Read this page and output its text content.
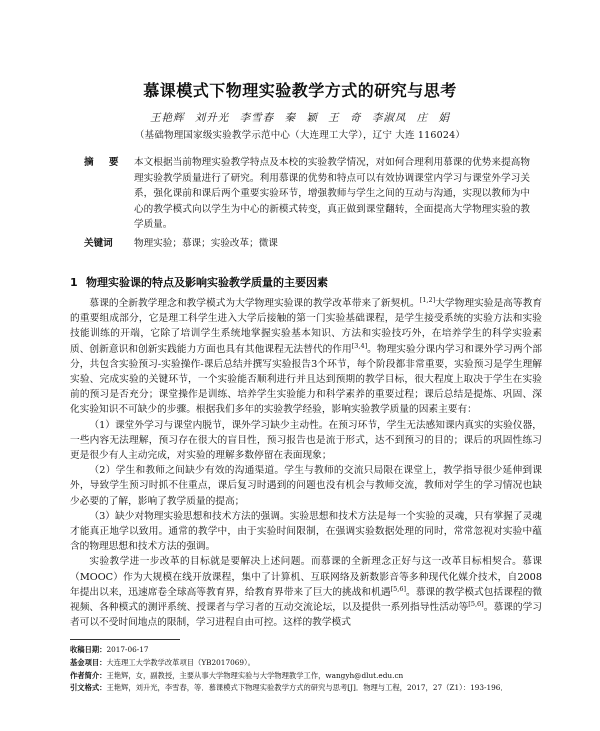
慕课模式下物理实验教学方式的研究与思考
王艳辉 刘升光 李雪春 秦 颖 王 奇 李淑凤 庄 娟
（基础物理国家级实验教学示范中心（大连理工大学），辽宁 大连 116024）
摘 要 本文根据当前物理实验教学特点及本校的实验教学情况，对如何合理利用慕课的优势来提高物理实验教学质量进行了研究。利用慕课的优势和特点可以有效协调课堂内学习与课堂外学习关系，强化课前和课后两个重要实验环节，增强教师与学生之间的互动与沟通，实现以教师为中心的教学模式向以学生为中心的新模式转变，真正做到课堂翻转，全面提高大学物理实验的教学质量。
关键词 物理实验；慕课；实验改革；微课
1 物理实验课的特点及影响实验教学质量的主要因素

慕课的全新教学理念和教学模式为大学物理实验课的教学改革带来了新契机。[1,2]大学物理实验是高等教育的重要组成部分，它是理工科学生进入大学后接触的第一门实验基础课程，是学生接受系统的实验方法和实验技能训练的开端，它除了培训学生系统地掌握实验基本知识、方法和实验技巧外，在培养学生的科学实验素质、创新意识和创新实践能力方面也具有其他课程无法替代的作用[3,4]。物理实验分课内学习和课外学习两个部分，共包含实验预习-实验操作-课后总结并撰写实验报告3个环节，每个阶段都非常重要，实验预习是学生理解实验、完成实验的关键环节，一个实验能否顺利进行并且达到预期的教学目标，很大程度上取决于学生在实验前的预习是否充分；课堂操作是训练、培养学生实验能力和科学素养的重要过程；课后总结是提炼、巩固、深化实验知识不可缺少的步骤。根据我们多年的实验教学经验，影响实验教学质量的因素主要有：

（1）课堂外学习与课堂内脱节，课外学习缺少主动性。在预习环节，学生无法感知课内真实的实验仪器，一些内容无法理解，预习存在很大的盲目性，预习报告也是流于形式，达不到预习的目的；课后的巩固性练习更是很少有人主动完成，对实验的理解多数停留在表面现象；

（2）学生和教师之间缺少有效的沟通渠道。学生与教师的交流只局限在课堂上，教学指导很少延伸到课外，导致学生预习时抓不住重点，课后复习时遇到的问题也没有机会与教师交流，教师对学生的学习情况也缺少必要的了解，影响了教学质量的提高；

（3）缺少对物理实验思想和技术方法的强调。实验思想和技术方法是每一个实验的灵魂，只有掌握了灵魂才能真正地学以致用。通常的教学中，由于实验时间限制，在强调实验数据处理的同时，常常忽视对实验中蕴含的物理思想和技术方法的强调。

实验教学进一步改革的目标就是要解决上述问题。而慕课的全新理念正好与这一改革目标相契合。慕课（MOOC）作为大规模在线开放课程，集中了计算机、互联网络及新数影音等多种现代化媒介技术，自2008年提出以来，迅速席卷全球高等教育界，给教育界带来了巨大的挑战和机遇[5,6]。慕课的教学模式包括课程的微视频、各种模式的测评系统、授课者与学习者的互动交流论坛，以及提供一系列指导性活动等[5,6]。慕课的学习者可以不受时间地点的限制，学习进程自由可控。这样的教学模式

收稿日期：2017-06-17
基金项目：大连理工大学教学改革项目（YB2017069）。
作者简介：王艳辉，女，副教授，主要从事大学物理实验与大学物理教学工作，wangyh@dlut.edu.cn
引文格式：王艳辉，刘升光，李雪春，等．慕课模式下物理实验教学方式的研究与思考[J]．物理与工程，2017，27（Z1）：193-196．
